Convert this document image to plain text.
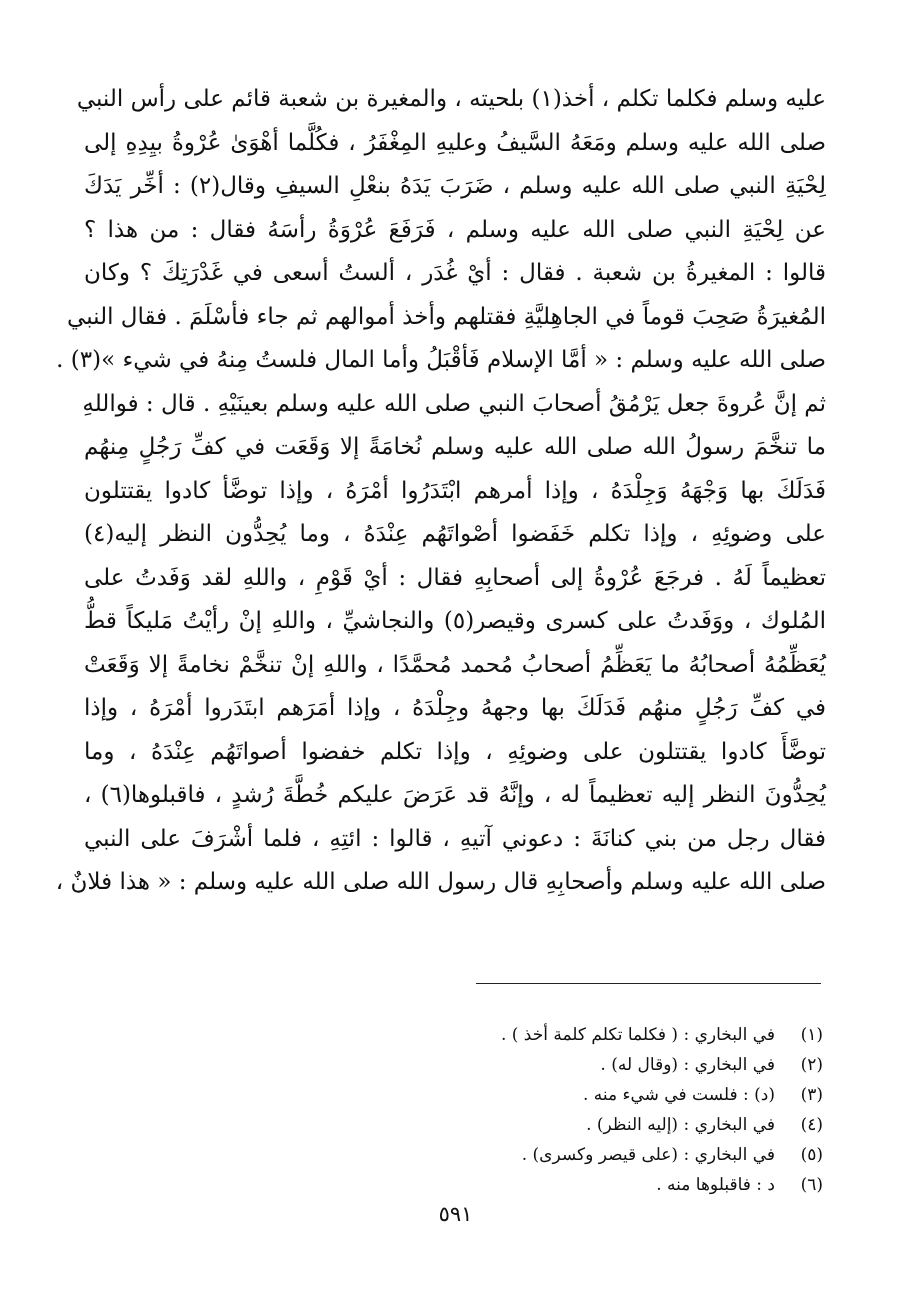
عليه وسلم فكلما تكلم ، أخذ(١) بلحيته ، والمغيرة بن شعبة قائم على رأس النبي
صلى الله عليه وسلم ومَعَهُ السَّيفُ وعليهِ المِغْفَرُ ، فكُلَّما أهْوَىٰ عُرْوةُ بيِدِهِ إلى
لِحْيَةِ النبي صلى الله عليه وسلم ، ضَرَبَ يَدَهُ بنعْلِ السيفِ وقال(٢) : أخِّر يَدَكَ
عن لِحْيَةِ النبي صلى الله عليه وسلم ، فَرَفَعَ عُرْوَةُ رأسَهُ فقال : من هذا ؟
قالوا : المغيرةُ بن شعبة . فقال : أيْ غُدَر ، ألستُ أسعى في غَدْرَتِكَ ؟ وكان
المُغيرَةُ صَحِبَ قوماً في الجاهِليَّةِ فقتلهم وأخذ أموالهم ثم جاء فأسْلَمَ . فقال النبي
صلى الله عليه وسلم : « أمَّا الإسلام فَأقْبَلُ وأما المال فلستُ مِنهُ في شيء »(٣) .
ثم إنَّ عُروةَ جعل يَرْمُقُ أصحابَ النبي صلى الله عليه وسلم بعينَيْهِ . قال : فواللهِ
ما تنخَّمَ رسولُ الله صلى الله عليه وسلم نُخامَةً إلا وَقَعَت في كفِّ رَجُلٍ مِنهُم
فَدَلَكَ بها وَجْهَهُ وَجِلْدَهُ ، وإذا أمرهم ابْتَدَرُوا أمْرَهُ ، وإذا توضَّأ كادوا يقتتلون
على وضوئِهِ ، وإذا تكلم خَفَضوا أصْواتَهُم عِنْدَهُ ، وما يُحِدُّون النظر إليه(٤)
تعظيماً لَهُ . فرجَعَ عُرْوةُ إلى أصحابِهِ فقال : أيْ قَوْمِ ، واللهِ لقد وَفَدتُ على
المُلوك ، ووَفَدتُ على كسرى وقيصر(٥) والنجاشيِّ ، واللهِ إنْ رأيْتُ مَليكاً قطُّ
يُعَظِّمُهُ أصحابُهُ ما يَعَظِّمُ أصحابُ مُحمد مُحمَّدًا ، واللهِ إنْ تنخَّمْ نخامةً إلا وَقَعَتْ
في كفِّ رَجُلٍ منهُم فَدَلَكَ بها وجههُ وجِلْدَهُ ، وإذا أمَرَهم ابتَدَروا أمْرَهُ ، وإذا
توضَّأَ كادوا يقتتلون على وضوئِهِ ، وإذا تكلم خفضوا أصواتَهُم عِنْدَهُ ، وما
يُحِدُّونَ النظر إليه تعظيماً له ، وإنَّهُ قد عَرَضَ عليكم خُطَّةَ رُشدٍ ، فاقبلوها(٦) ،
فقال رجل من بني كنانَةَ : دعوني آتيهِ ، قالوا : ائتِهِ ، فلما أشْرَفَ على النبي
صلى الله عليه وسلم وأصحابِهِ قال رسول الله صلى الله عليه وسلم : « هذا فلانٌ ،
(١)
في البخاري : ( فكلما تكلم كلمة أخذ ) .
(٢)
في البخاري : (وقال له) .
(٣)
(د) : فلست في شيء منه .
(٤)
في البخاري : (إليه النظر) .
(٥)
في البخاري : (على قيصر وكسرى) .
(٦)
د : فاقبلوها منه .
٥٩١
